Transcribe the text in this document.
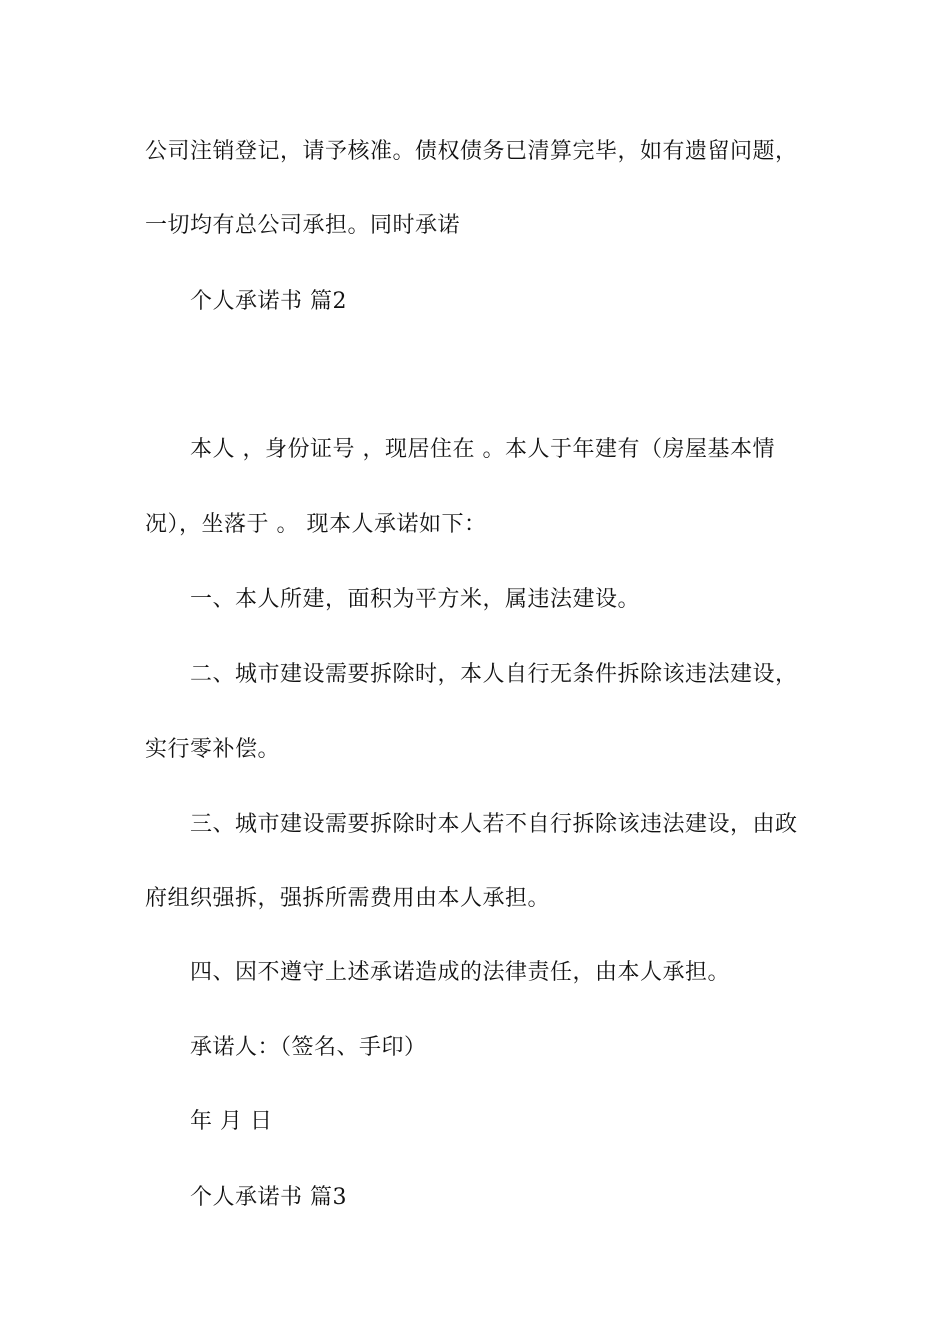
公司注销登记，请予核准。债权债务已清算完毕，如有遗留问题，
一切均有总公司承担。同时承诺
个人承诺书 篇2
本人 ，身份证号 ，现居住在 。本人于年建有（房屋基本情
况），坐落于 。 现本人承诺如下：
一、本人所建，面积为平方米，属违法建设。
二、城市建设需要拆除时，本人自行无条件拆除该违法建设，
实行零补偿。
三、城市建设需要拆除时本人若不自行拆除该违法建设，由政
府组织强拆，强拆所需费用由本人承担。
四、因不遵守上述承诺造成的法律责任，由本人承担。
承诺人：（签名、手印）
年 月 日
个人承诺书 篇3
